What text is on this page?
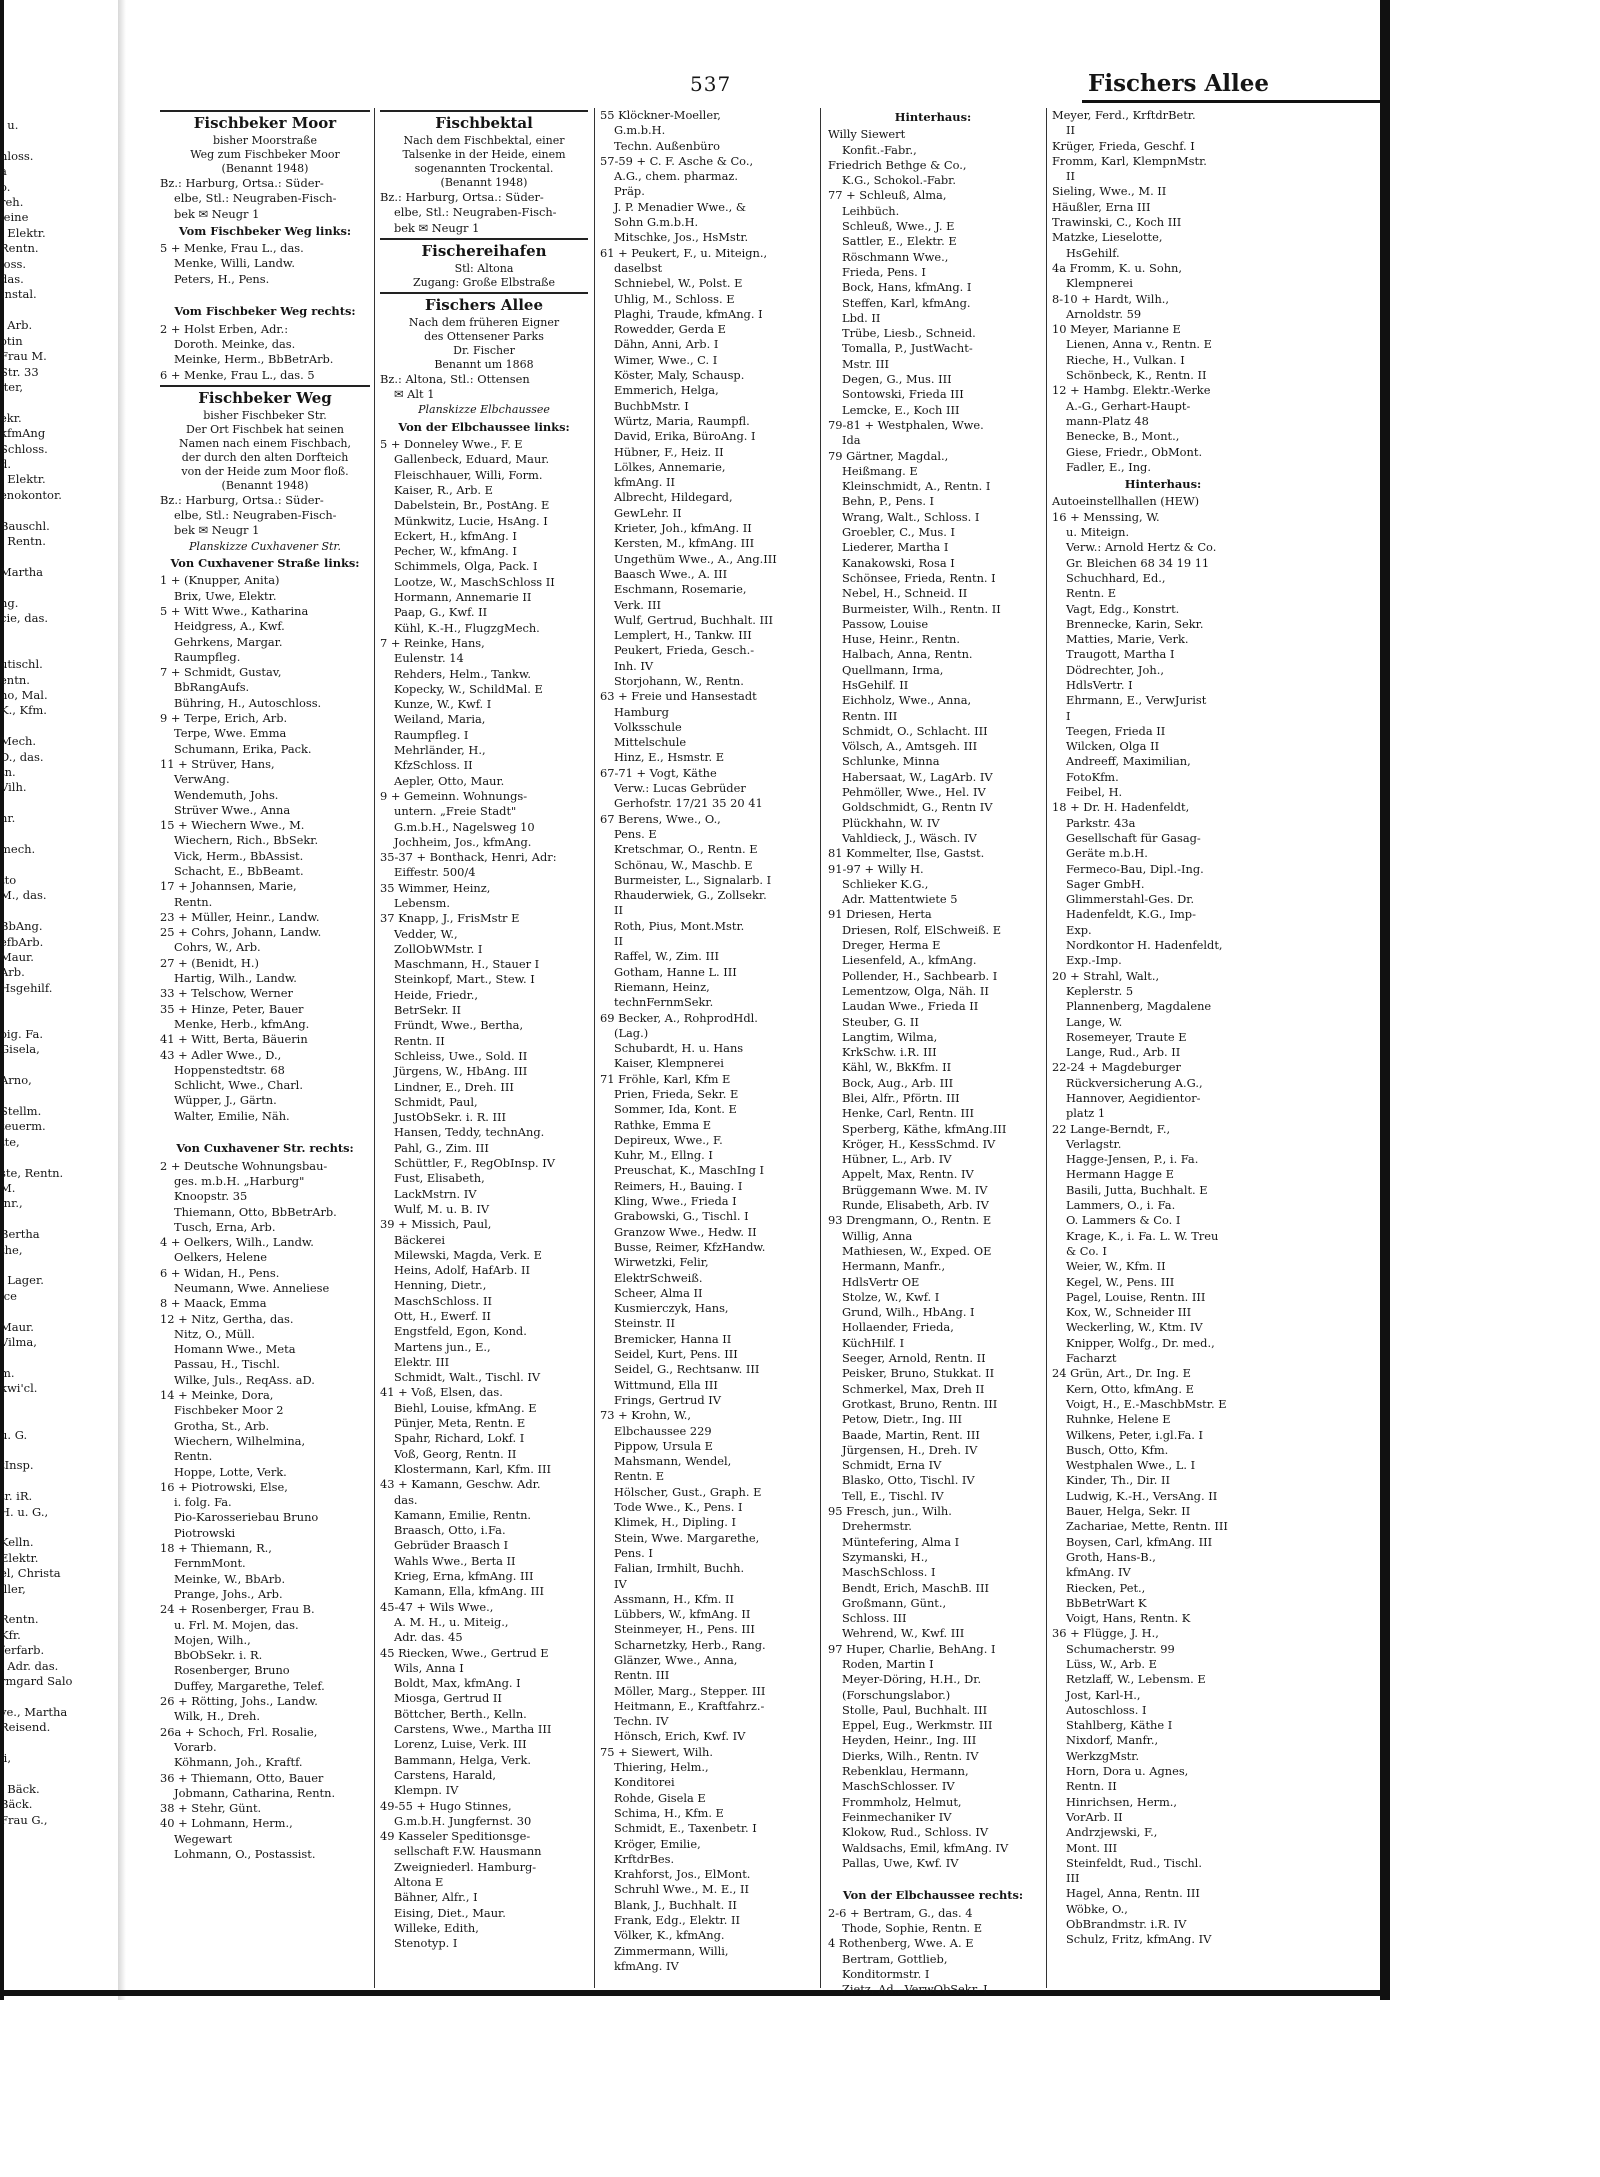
537	Fischers Allee
, u.

hloss.
a
o.
reh.
leine
, Elektr.
Rentn.
loss.
das.
Instal.

. Arb.
otin
Frau M.
Str. 33
lter,

ekr.
kfmAng
Schloss.
d.
, Elektr.
enokontor.

Bauschl.
, Rentn.

Martha

ng.
cie, das.

utischl.
entn.
no, Mal.
K., Kfm.

Mech.
D., das.
tn.
Vilh.

nr.

mech.

tto
M., das.

BbAng.
efbArb.
Maur.
Arb.
Hsgehilf.

oig. Fa.
Gisela,

Arno,

Stellm.
teuerm.
tte,

ste, Rentn.
M.
inr.,

Bertha
the,

, Lager.
ice

Maur.
Vilma,

m.
kwi'cl.

u. G.

tInsp.

tr. iR.
H. u. G.,

Kelln.
Elektr.
el, Christa
iller,

Rentn.
Kfr.
ferfarb.
, Adr. das.
rmgard Salo

ve., Martha
Reisend.

li,

, Bäck.
Bäck.
Frau G.,
Fischbeker Moor
bisher Moorstraße
Weg zum Fischbeker Moor
(Benannt 1948)
Bz.: Harburg, Ortsa.: Süder-
elbe, Stl.: Neugraben-Fisch-
bek ✉ Neugr 1
Vom Fischbeker Weg links:
5 + Menke, Frau L., das.
Menke, Willi, Landw.
Peters, H., Pens.

Vom Fischbeker Weg rechts:
2 + Holst Erben, Adr.:
Doroth. Meinke, das.
Meinke, Herm., BbBetrArb.
6 + Menke, Frau L., das. 5
Fischbeker Weg
bisher Fischbeker Str.
Der Ort Fischbek hat seinen
Namen nach einem Fischbach,
der durch den alten Dorfteich
von der Heide zum Moor floß.
(Benannt 1948)
Bz.: Harburg, Ortsa.: Süder-
elbe, Stl.: Neugraben-Fisch-
bek ✉ Neugr 1
Planskizze Cuxhavener Str.
Von Cuxhavener Straße links:
1 + (Knupper, Anita)
Brix, Uwe, Elektr.
5 + Witt Wwe., Katharina
Heidgress, A., Kwf.
Gehrkens, Margar.
Raumpfleg.
7 + Schmidt, Gustav,
BbRangAufs.
Bühring, H., Autoschloss.
9 + Terpe, Erich, Arb.
Terpe, Wwe. Emma
Schumann, Erika, Pack.
11 + Strüver, Hans,
VerwAng.
Wendemuth, Johs.
Strüver Wwe., Anna
15 + Wiechern Wwe., M.
Wiechern, Rich., BbSekr.
Vick, Herm., BbAssist.
Schacht, E., BbBeamt.
17 + Johannsen, Marie,
Rentn.
23 + Müller, Heinr., Landw.
25 + Cohrs, Johann, Landw.
Cohrs, W., Arb.
27 + (Benidt, H.)
Hartig, Wilh., Landw.
33 + Telschow, Werner
35 + Hinze, Peter, Bauer
Menke, Herb., kfmAng.
41 + Witt, Berta, Bäuerin
43 + Adler Wwe., D.,
Hoppenstedtstr. 68
Schlicht, Wwe., Charl.
Wüpper, J., Gärtn.
Walter, Emilie, Näh.

Von Cuxhavener Str. rechts:
2 + Deutsche Wohnungsbau-
ges. m.b.H. „Harburg"
Knoopstr. 35
Thiemann, Otto, BbBetrArb.
Tusch, Erna, Arb.
4 + Oelkers, Wilh., Landw.
Oelkers, Helene
6 + Widan, H., Pens.
Neumann, Wwe. Anneliese
8 + Maack, Emma
12 + Nitz, Gertha, das.
Nitz, O., Müll.
Homann Wwe., Meta
Passau, H., Tischl.
Wilke, Juls., ReqAss. aD.
14 + Meinke, Dora,
Fischbeker Moor 2
Grotha, St., Arb.
Wiechern, Wilhelmina,
Rentn.
Hoppe, Lotte, Verk.
16 + Piotrowski, Else,
i. folg. Fa.
Pio-Karosseriebau Bruno
Piotrowski
18 + Thiemann, R.,
FernmMont.
Meinke, W., BbArb.
Prange, Johs., Arb.
24 + Rosenberger, Frau B.
u. Frl. M. Mojen, das.
Mojen, Wilh.,
BbObSekr. i. R.
Rosenberger, Bruno
Duffey, Margarethe, Telef.
26 + Rötting, Johs., Landw.
Wilk, H., Dreh.
26a + Schoch, Frl. Rosalie,
Vorarb.
Köhmann, Joh., Kraftf.
36 + Thiemann, Otto, Bauer
Jobmann, Catharina, Rentn.
38 + Stehr, Günt.
40 + Lohmann, Herm.,
Wegewart
Lohmann, O., Postassist.
Fischbektal
Nach dem Fischbektal, einer
Talsenke in der Heide, einem
sogenannten Trockental.
(Benannt 1948)
Bz.: Harburg, Ortsa.: Süder-
elbe, Stl.: Neugraben-Fisch-
bek ✉ Neugr 1
Fischereihafen
Stl: Altona
Zugang: Große Elbstraße
Fischers Allee
Nach dem früheren Eigner
des Ottensener Parks
Dr. Fischer
Benannt um 1868
Bz.: Altona, Stl.: Ottensen
✉ Alt 1
Planskizze Elbchaussee
Von der Elbchaussee links:
5 + Donneley Wwe., F. E
Gallenbeck, Eduard, Maur.
Fleischhauer, Willi, Form.
Kaiser, R., Arb. E
Dabelstein, Br., PostAng. E
Münkwitz, Lucie, HsAng. I
Eckert, H., kfmAng. I
Pecher, W., kfmAng. I
Schimmels, Olga, Pack. I
Lootze, W., MaschSchloss II
Hormann, Annemarie II
Paap, G., Kwf. II
Kühl, K.-H., FlugzgMech.
7 + Reinke, Hans,
Eulenstr. 14
Rehders, Helm., Tankw.
Kopecky, W., SchildMal. E
Kunze, W., Kwf. I
Weiland, Maria,
Raumpfleg. I
Mehrländer, H.,
KfzSchloss. II
Aepler, Otto, Maur.
9 + Gemeinn. Wohnungs-
untern. „Freie Stadt"
G.m.b.H., Nagelsweg 10
Jochheim, Jos., kfmAng.
35-37 + Bonthack, Henri, Adr:
Eiffestr. 500/4
35 Wimmer, Heinz,
Lebensm.
37 Knapp, J., FrisMstr E
Vedder, W.,
ZollObWMstr. I
Maschmann, H., Stauer I
Steinkopf, Mart., Stew. I
Heide, Friedr.,
BetrSekr. II
Fründt, Wwe., Bertha,
Rentn. II
Schleiss, Uwe., Sold. II
Jürgens, W., HbAng. III
Lindner, E., Dreh. III
Schmidt, Paul,
JustObSekr. i. R. III
Hansen, Teddy, technAng.
Pahl, G., Zim. III
Schüttler, F., RegObInsp. IV
Fust, Elisabeth,
LackMstrn. IV
Wulf, M. u. B. IV
39 + Missich, Paul,
Bäckerei
Milewski, Magda, Verk. E
Heins, Adolf, HafArb. II
Henning, Dietr.,
MaschSchloss. II
Ott, H., Ewerf. II
Engstfeld, Egon, Kond.
Martens jun., E.,
Elektr. III
Schmidt, Walt., Tischl. IV
41 + Voß, Elsen, das.
Biehl, Louise, kfmAng. E
Pünjer, Meta, Rentn. E
Spahr, Richard, Lokf. I
Voß, Georg, Rentn. II
Klostermann, Karl, Kfm. III
43 + Kamann, Geschw. Adr.
das.
Kamann, Emilie, Rentn.
Braasch, Otto, i.Fa.
Gebrüder Braasch I
Wahls Wwe., Berta II
Krieg, Erna, kfmAng. III
Kamann, Ella, kfmAng. III
45-47 + Wils Wwe.,
A. M. H., u. Miteig.,
Adr. das. 45
45 Riecken, Wwe., Gertrud E
Wils, Anna I
Boldt, Max, kfmAng. I
Miosga, Gertrud II
Böttcher, Berth., Kelln.
Carstens, Wwe., Martha III
Lorenz, Luise, Verk. III
Bammann, Helga, Verk.
Carstens, Harald,
Klempn. IV
49-55 + Hugo Stinnes,
G.m.b.H. Jungfernst. 30
49 Kasseler Speditionsge-
sellschaft F.W. Hausmann
Zweigniederl. Hamburg-
Altona E
Bähner, Alfr., I
Eising, Diet., Maur.
Willeke, Edith,
Stenotyp. I
55 Klöckner-Moeller,
G.m.b.H.
Techn. Außenbüro
57-59 + C. F. Asche & Co.,
A.G., chem. pharmaz.
Präp.
J. P. Menadier Wwe., &
Sohn G.m.b.H.
Mitschke, Jos., HsMstr.
61 + Peukert, F., u. Miteign.,
daselbst
Schniebel, W., Polst. E
Uhlig, M., Schloss. E
Plaghi, Traude, kfmAng. I
Rowedder, Gerda E
Dähn, Anni, Arb. I
Wimer, Wwe., C. I
Köster, Maly, Schausp.
Emmerich, Helga,
BuchbMstr. I
Würtz, Maria, Raumpfl.
David, Erika, BüroAng. I
Hübner, F., Heiz. II
Lölkes, Annemarie,
kfmAng. II
Albrecht, Hildegard,
GewLehr. II
Krieter, Joh., kfmAng. II
Kersten, M., kfmAng. III
Ungethüm Wwe., A., Ang.III
Baasch Wwe., A. III
Eschmann, Rosemarie,
Verk. III
Wulf, Gertrud, Buchhalt. III
Lemplert, H., Tankw. III
Peukert, Frieda, Gesch.-
Inh. IV
Storjohann, W., Rentn.
63 + Freie und Hansestadt
Hamburg
Volksschule
Mittelschule
Hinz, E., Hsmstr. E
67-71 + Vogt, Käthe
Verw.: Lucas Gebrüder
Gerhofstr. 17/21 35 20 41
67 Berens, Wwe., O.,
Pens. E
Kretschmar, O., Rentn. E
Schönau, W., Maschb. E
Burmeister, L., Signalarb. I
Rhauderwiek, G., Zollsekr.
II
Roth, Pius, Mont.Mstr.
II
Raffel, W., Zim. III
Gotham, Hanne L. III
Riemann, Heinz,
technFernmSekr.
69 Becker, A., RohprodHdl.
(Lag.)
Schubardt, H. u. Hans
Kaiser, Klempnerei
71 Fröhle, Karl, Kfm E
Prien, Frieda, Sekr. E
Sommer, Ida, Kont. E
Rathke, Emma E
Depireux, Wwe., F.
Kuhr, M., Ellng. I
Preuschat, K., MaschIng I
Reimers, H., Bauing. I
Kling, Wwe., Frieda I
Grabowski, G., Tischl. I
Granzow Wwe., Hedw. II
Busse, Reimer, KfzHandw.
Wirwetzki, Felir,
ElektrSchweiß.
Scheer, Alma II
Kusmierczyk, Hans,
Steinstr. II
Bremicker, Hanna II
Seidel, Kurt, Pens. III
Seidel, G., Rechtsanw. III
Wittmund, Ella III
Frings, Gertrud IV
73 + Krohn, W.,
Elbchaussee 229
Pippow, Ursula E
Mahsmann, Wendel,
Rentn. E
Hölscher, Gust., Graph. E
Tode Wwe., K., Pens. I
Klimek, H., Dipling. I
Stein, Wwe. Margarethe,
Pens. I
Falian, Irmhilt, Buchh.
IV
Assmann, H., Kfm. II
Lübbers, W., kfmAng. II
Steinmeyer, H., Pens. III
Scharnetzky, Herb., Rang.
Glänzer, Wwe., Anna,
Rentn. III
Möller, Marg., Stepper. III
Heitmann, E., Kraftfahrz.-
Techn. IV
Hönsch, Erich, Kwf. IV
75 + Siewert, Wilh.
Thiering, Helm.,
Konditorei
Rohde, Gisela E
Schima, H., Kfm. E
Schmidt, E., Taxenbetr. I
Kröger, Emilie,
KrftdrBes.
Krahforst, Jos., ElMont.
Schruhl Wwe., M. E., II
Blank, J., Buchhalt. II
Frank, Edg., Elektr. II
Völker, K., kfmAng.
Zimmermann, Willi,
kfmAng. IV
Hinterhaus:
Willy Siewert
Konfit.-Fabr.,
Friedrich Bethge & Co.,
K.G., Schokol.-Fabr.
77 + Schleuß, Alma,
Leihbüch.
Schleuß, Wwe., J. E
Sattler, E., Elektr. E
Röschmann Wwe.,
Frieda, Pens. I
Bock, Hans, kfmAng. I
Steffen, Karl, kfmAng.
Lbd. II
Trübe, Liesb., Schneid.
Tomalla, P., JustWacht-
Mstr. III
Degen, G., Mus. III
Sontowski, Frieda III
Lemcke, E., Koch III
79-81 + Westphalen, Wwe.
Ida
79 Gärtner, Magdal.,
Heißmang. E
Kleinschmidt, A., Rentn. I
Behn, P., Pens. I
Wrang, Walt., Schloss. I
Groebler, C., Mus. I
Liederer, Martha I
Kanakowski, Rosa I
Schönsee, Frieda, Rentn. I
Nebel, H., Schneid. II
Burmeister, Wilh., Rentn. II
Passow, Louise
Huse, Heinr., Rentn.
Halbach, Anna, Rentn.
Quellmann, Irma,
HsGehilf. II
Eichholz, Wwe., Anna,
Rentn. III
Schmidt, O., Schlacht. III
Völsch, A., Amtsgeh. III
Schlunke, Minna
Habersaat, W., LagArb. IV
Pehmöller, Wwe., Hel. IV
Goldschmidt, G., Rentn IV
Plückhahn, W. IV
Vahldieck, J., Wäsch. IV
81 Kommelter, Ilse, Gastst.
91-97 + Willy H.
Schlieker K.G.,
Adr. Mattentwiete 5
91 Driesen, Herta
Driesen, Rolf, ElSchweiß. E
Dreger, Herma E
Liesenfeld, A., kfmAng.
Pollender, H., Sachbearb. I
Lementzow, Olga, Näh. II
Laudan Wwe., Frieda II
Steuber, G. II
Langtim, Wilma,
KrkSchw. i.R. III
Kähl, W., BkKfm. II
Bock, Aug., Arb. III
Blei, Alfr., Pförtn. III
Henke, Carl, Rentn. III
Sperberg, Käthe, kfmAng.III
Kröger, H., KessSchmd. IV
Hübner, L., Arb. IV
Appelt, Max, Rentn. IV
Brüggemann Wwe. M. IV
Runde, Elisabeth, Arb. IV
93 Drengmann, O., Rentn. E
Willig, Anna
Mathiesen, W., Exped. OE
Hermann, Manfr.,
HdlsVertr OE
Stolze, W., Kwf. I
Grund, Wilh., HbAng. I
Hollaender, Frieda,
KüchHilf. I
Seeger, Arnold, Rentn. II
Peisker, Bruno, Stukkat. II
Schmerkel, Max, Dreh II
Grotkast, Bruno, Rentn. III
Petow, Dietr., Ing. III
Baade, Martin, Rent. III
Jürgensen, H., Dreh. IV
Schmidt, Erna IV
Blasko, Otto, Tischl. IV
Tell, E., Tischl. IV
95 Fresch, jun., Wilh.
Drehermstr.
Müntefering, Alma I
Szymanski, H.,
MaschSchloss. I
Bendt, Erich, MaschB. III
Großmann, Günt.,
Schloss. III
Wehrend, W., Kwf. III
97 Huper, Charlie, BehAng. I
Roden, Martin I
Meyer-Döring, H.H., Dr.
(Forschungslabor.)
Stolle, Paul, Buchhalt. III
Eppel, Eug., Werkmstr. III
Heyden, Heinr., Ing. III
Dierks, Wilh., Rentn. IV
Rebenklau, Hermann,
MaschSchlosser. IV
Frommholz, Helmut,
Feinmechaniker IV
Klokow, Rud., Schloss. IV
Waldsachs, Emil, kfmAng. IV
Pallas, Uwe, Kwf. IV

Von der Elbchaussee rechts:
2-6 + Bertram, G., das. 4
Thode, Sophie, Rentn. E
4 Rothenberg, Wwe. A. E
Bertram, Gottlieb,
Konditormstr. I
Zietz, Ad., VerwObSekr. I
Meyer, Ferd., KrftdrBetr.
II
Krüger, Frieda, Geschf. I
Fromm, Karl, KlempnMstr.
II
Sieling, Wwe., M. II
Häußler, Erna III
Trawinski, C., Koch III
Matzke, Lieselotte,
HsGehilf.
4a Fromm, K. u. Sohn,
Klempnerei
8-10 + Hardt, Wilh.,
Arnoldstr. 59
10 Meyer, Marianne E
Lienen, Anna v., Rentn. E
Rieche, H., Vulkan. I
Schönbeck, K., Rentn. II
12 + Hambg. Elektr.-Werke
A.-G., Gerhart-Haupt-
mann-Platz 48
Benecke, B., Mont.,
Giese, Friedr., ObMont.
Fadler, E., Ing.
Hinterhaus:
Autoeinstellhallen (HEW)
16 + Menssing, W.
u. Miteign.
Verw.: Arnold Hertz & Co.
Gr. Bleichen 68 34 19 11
Schuchhard, Ed.,
Rentn. E
Vagt, Edg., Konstrt.
Brennecke, Karin, Sekr.
Matties, Marie, Verk.
Traugott, Martha I
Dödrechter, Joh.,
HdlsVertr. I
Ehrmann, E., VerwJurist
I
Teegen, Frieda II
Wilcken, Olga II
Andreeff, Maximilian,
FotoKfm.
Feibel, H.
18 + Dr. H. Hadenfeldt,
Parkstr. 43a
Gesellschaft für Gasag-
Geräte m.b.H.
Fermeco-Bau, Dipl.-Ing.
Sager GmbH.
Glimmerstahl-Ges. Dr.
Hadenfeldt, K.G., Imp-
Exp.
Nordkontor H. Hadenfeldt,
Exp.-Imp.
20 + Strahl, Walt.,
Keplerstr. 5
Plannenberg, Magdalene
Lange, W.
Rosemeyer, Traute E
Lange, Rud., Arb. II
22-24 + Magdeburger
Rückversicherung A.G.,
Hannover, Aegidientor-
platz 1
22 Lange-Berndt, F.,
Verlagstr.
Hagge-Jensen, P., i. Fa.
Hermann Hagge E
Basili, Jutta, Buchhalt. E
Lammers, O., i. Fa.
O. Lammers & Co. I
Krage, K., i. Fa. L. W. Treu
& Co. I
Weier, W., Kfm. II
Kegel, W., Pens. III
Pagel, Louise, Rentn. III
Kox, W., Schneider III
Weckerling, W., Ktm. IV
Knipper, Wolfg., Dr. med.,
Facharzt
24 Grün, Art., Dr. Ing. E
Kern, Otto, kfmAng. E
Voigt, H., E.-MaschbMstr. E
Ruhnke, Helene E
Wilkens, Peter, i.gl.Fa. I
Busch, Otto, Kfm.
Westphalen Wwe., L. I
Kinder, Th., Dir. II
Ludwig, K.-H., VersAng. II
Bauer, Helga, Sekr. II
Zachariae, Mette, Rentn. III
Boysen, Carl, kfmAng. III
Groth, Hans-B.,
kfmAng. IV
Riecken, Pet.,
BbBetrWart K
Voigt, Hans, Rentn. K
36 + Flügge, J. H.,
Schumacherstr. 99
Lüss, W., Arb. E
Retzlaff, W., Lebensm. E
Jost, Karl-H.,
Autoschloss. I
Stahlberg, Käthe I
Nixdorf, Manfr.,
WerkzgMstr.
Horn, Dora u. Agnes,
Rentn. II
Hinrichsen, Herm.,
VorArb. II
Andrzjewski, F.,
Mont. III
Steinfeldt, Rud., Tischl.
III
Hagel, Anna, Rentn. III
Wöbke, O.,
ObBrandmstr. i.R. IV
Schulz, Fritz, kfmAng. IV
